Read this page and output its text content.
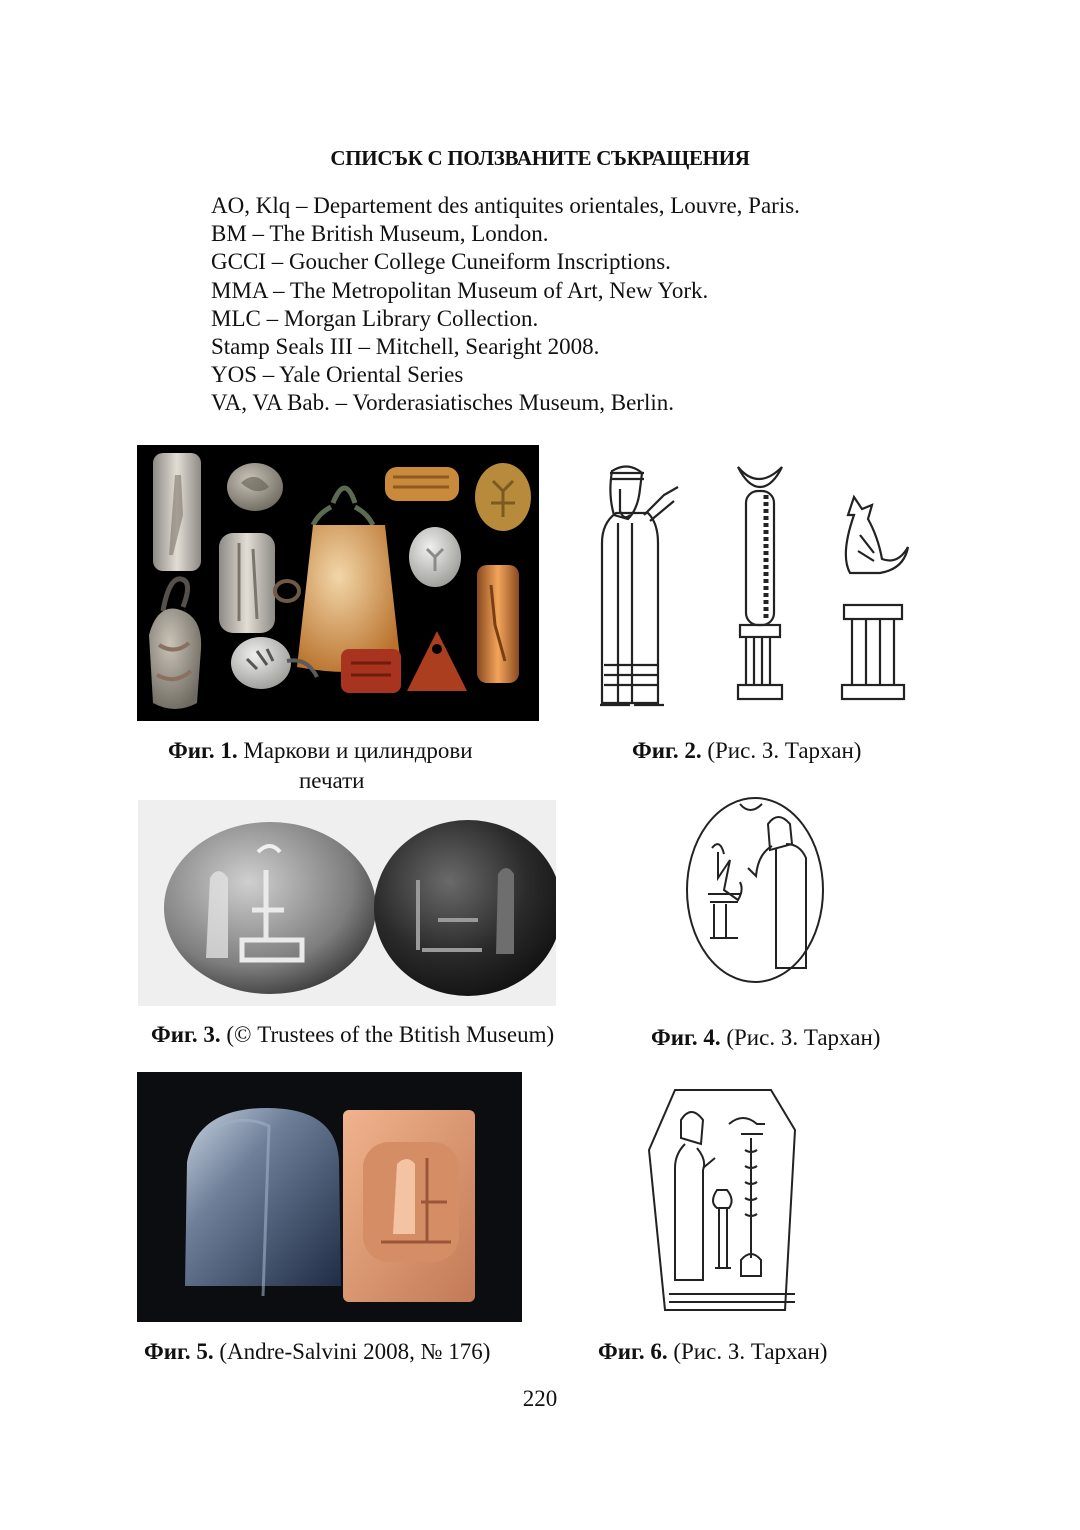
СПИСЪК С ПОЛЗВАНИТЕ СЪКРАЩЕНИЯ
AO, Klq – Departement des antiquites orientales, Louvre, Paris.
BM – The British Museum, London.
GCCI – Goucher College Cuneiform Inscriptions.
MMA – The Metropolitan Museum of Art, New York.
MLC – Morgan Library Collection.
Stamp Seals III – Mitchell, Searight 2008.
YOS – Yale Oriental Series
VA, VA Bab. – Vorderasiatisches Museum, Berlin.
Фиг. 1. Маркови и цилиндрови
печати
Фиг. 2. (Рис. З. Тархан)
Фиг. 3. (© Trustees of the Btitish Museum)	Фиг. 4. (Рис. З. Тархан)
Фиг. 5. (Andre-Salvini 2008, № 176)	Фиг. 6. (Рис. З. Тархан)
220
